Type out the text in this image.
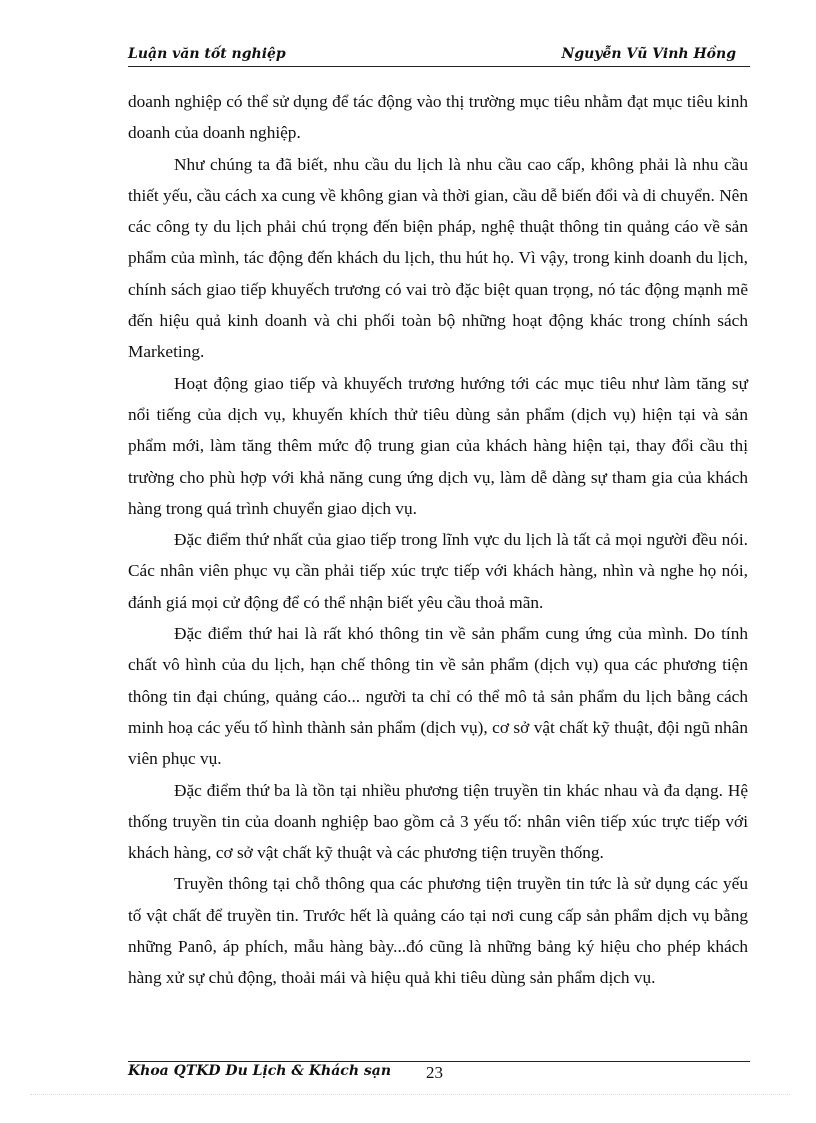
Luận văn tốt nghiệp	Nguyễn Vũ Vinh Hồng

doanh nghiệp có thể sử dụng để tác động vào thị trường mục tiêu nhằm đạt mục tiêu kinh doanh của doanh nghiệp.

Như chúng ta đã biết, nhu cầu du lịch là nhu cầu cao cấp, không phải là nhu cầu thiết yếu, cầu cách xa cung về không gian và thời gian, cầu dễ biến đổi và di chuyển. Nên các công ty du lịch phải chú trọng đến biện pháp, nghệ thuật thông tin quảng cáo về sản phẩm của mình, tác động đến khách du lịch, thu hút họ. Vì vậy, trong kinh doanh du lịch, chính sách giao tiếp khuyếch trương có vai trò đặc biệt quan trọng, nó tác động mạnh mẽ đến hiệu quả kinh doanh và chi phối toàn bộ những hoạt động khác trong chính sách Marketing.

Hoạt động giao tiếp và khuyếch trương hướng tới các mục tiêu như làm tăng sự nổi tiếng của dịch vụ, khuyến khích thử tiêu dùng sản phẩm (dịch vụ) hiện tại và sản phẩm mới, làm tăng thêm mức độ trung gian của khách hàng hiện tại, thay đổi cầu thị trường cho phù hợp với khả năng cung ứng dịch vụ, làm dễ dàng sự tham gia của khách hàng trong quá trình chuyển giao dịch vụ.

Đặc điểm thứ nhất của giao tiếp trong lĩnh vực du lịch là tất cả mọi người đều nói. Các nhân viên phục vụ cần phải tiếp xúc trực tiếp với khách hàng, nhìn và nghe họ nói, đánh giá mọi cử động để có thể nhận biết yêu cầu thoả mãn.

Đặc điểm thứ hai là rất khó thông tin về sản phẩm cung ứng của mình. Do tính chất vô hình của du lịch, hạn chế thông tin về sản phẩm (dịch vụ) qua các phương tiện thông tin đại chúng, quảng cáo... người ta chỉ có thể mô tả sản phẩm du lịch bằng cách minh hoạ các yếu tố hình thành sản phẩm (dịch vụ), cơ sở vật chất kỹ thuật, đội ngũ nhân viên phục vụ.

Đặc điểm thứ ba là tồn tại nhiều phương tiện truyền tin khác nhau và đa dạng. Hệ thống truyền tin của doanh nghiệp bao gồm cả 3 yếu tố: nhân viên tiếp xúc trực tiếp với khách hàng, cơ sở vật chất kỹ thuật và các phương tiện truyền thống.

Truyền thông tại chỗ thông qua các phương tiện truyền tin tức là sử dụng các yếu tố vật chất để truyền tin. Trước hết là quảng cáo tại nơi cung cấp sản phẩm dịch vụ bằng những Panô, áp phích, mẫu hàng bày...đó cũng là những bảng ký hiệu cho phép khách hàng xử sự chủ động, thoải mái và hiệu quả khi tiêu dùng sản phẩm dịch vụ.

Khoa QTKD Du Lịch & Khách sạn 23
